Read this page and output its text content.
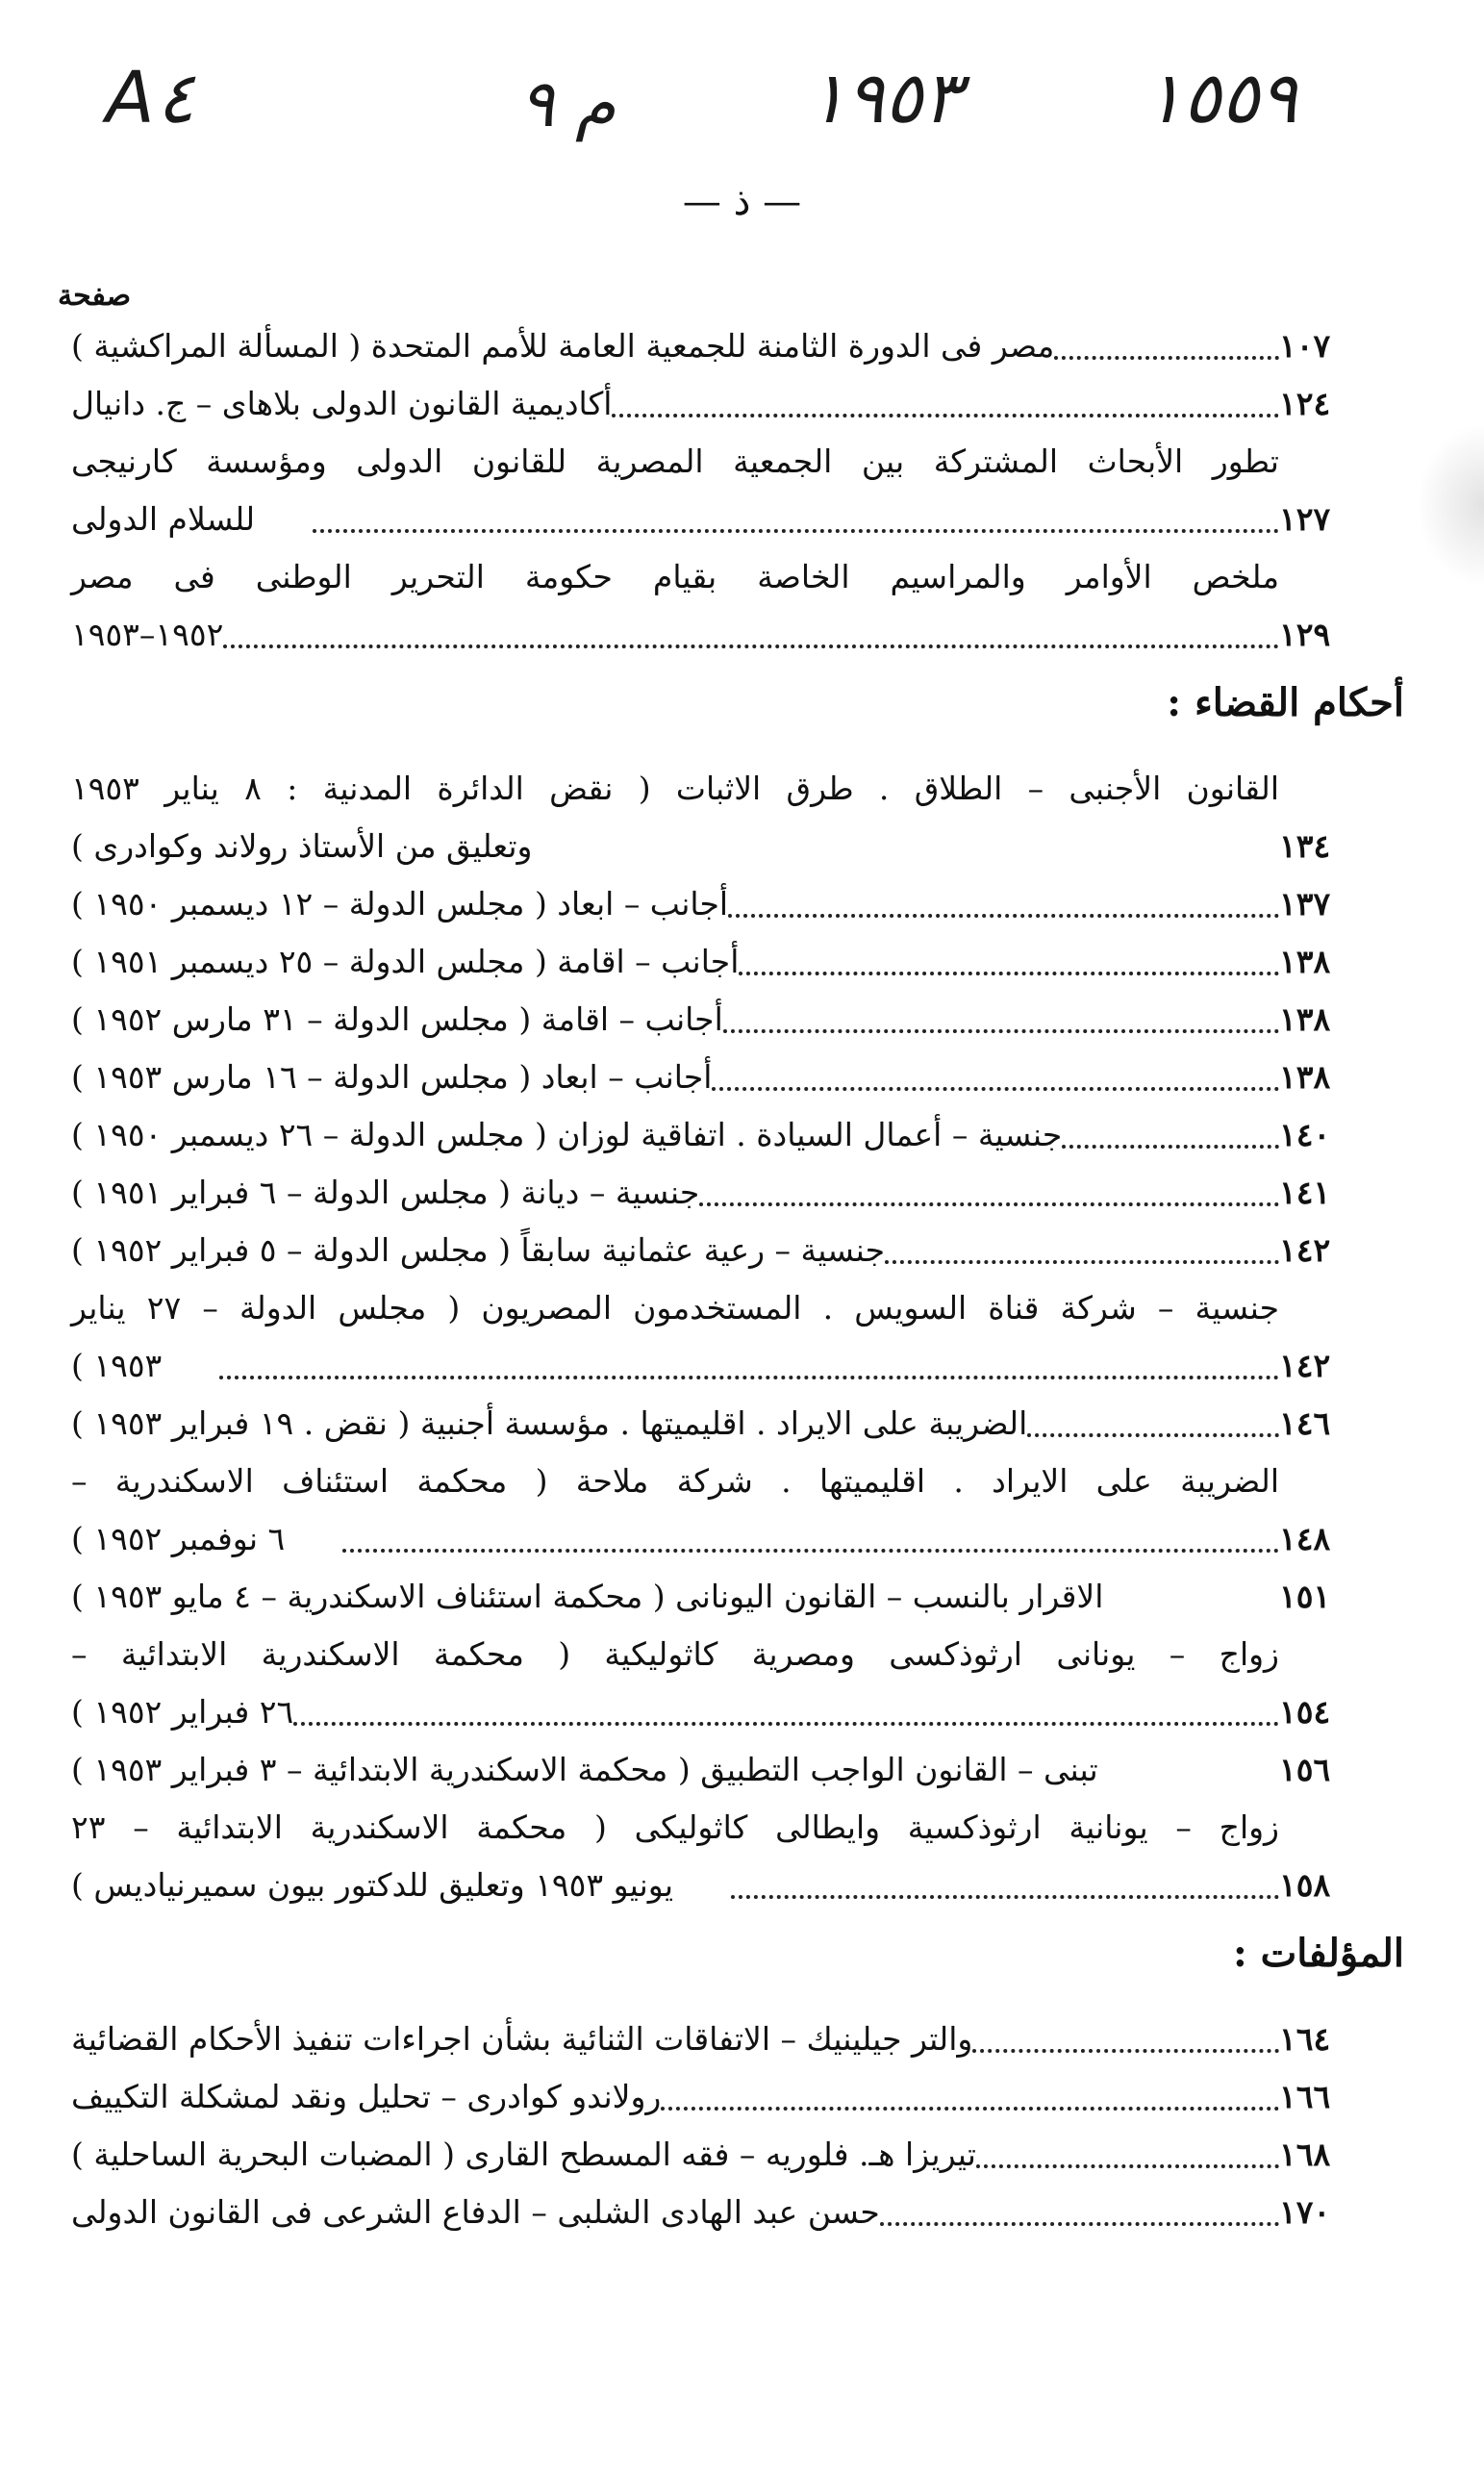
A٤	م ٩	١٩٥٣	١٥٥٩
— ذ —
صفحة
مصر فى الدورة الثامنة للجمعية العامة للأمم المتحدة ( المسألة المراكشية )	١٠٧
أكاديمية القانون الدولى بلاهاى – ج. دانيال	١٢٤
تطور الأبحاث المشتركة بين الجمعية المصرية للقانون الدولى ومؤسسة كارنيجى
للسلام الدولى	١٢٧
ملخص الأوامر والمراسيم الخاصة بقيام حكومة التحرير الوطنى فى مصر
١٩٥٢–١٩٥٣	١٢٩
أحكام القضاء :
القانون الأجنبى – الطلاق . طرق الاثبات ( نقض الدائرة المدنية : ٨ يناير ١٩٥٣
وتعليق من الأستاذ رولاند وكوادرى )	١٣٤
أجانب – ابعاد ( مجلس الدولة – ١٢ ديسمبر ١٩٥٠ )	١٣٧
أجانب – اقامة ( مجلس الدولة – ٢٥ ديسمبر ١٩٥١ )	١٣٨
أجانب – اقامة ( مجلس الدولة – ٣١ مارس ١٩٥٢ )	١٣٨
أجانب – ابعاد ( مجلس الدولة – ١٦ مارس ١٩٥٣ )	١٣٨
جنسية – أعمال السيادة . اتفاقية لوزان ( مجلس الدولة – ٢٦ ديسمبر ١٩٥٠ )	١٤٠
جنسية – ديانة ( مجلس الدولة – ٦ فبراير ١٩٥١ )	١٤١
جنسية – رعية عثمانية سابقاً ( مجلس الدولة – ٥ فبراير ١٩٥٢ )	١٤٢
جنسية – شركة قناة السويس . المستخدمون المصريون ( مجلس الدولة – ٢٧ يناير
١٩٥٣ )	١٤٢
الضريبة على الايراد . اقليميتها . مؤسسة أجنبية ( نقض . ١٩ فبراير ١٩٥٣ )	١٤٦
الضريبة على الايراد . اقليميتها . شركة ملاحة ( محكمة استئناف الاسكندرية –
٦ نوفمبر ١٩٥٢ )	١٤٨
الاقرار بالنسب – القانون اليونانى ( محكمة استئناف الاسكندرية – ٤ مايو ١٩٥٣ )	١٥١
زواج – يونانى ارثوذكسى ومصرية كاثوليكية ( محكمة الاسكندرية الابتدائية –
٢٦ فبراير ١٩٥٢ )	١٥٤
تبنى – القانون الواجب التطبيق ( محكمة الاسكندرية الابتدائية – ٣ فبراير ١٩٥٣ )	١٥٦
زواج – يونانية ارثوذكسية وايطالى كاثوليكى ( محكمة الاسكندرية الابتدائية – ٢٣
يونيو ١٩٥٣ وتعليق للدكتور بيون سميرنياديس )	١٥٨
المؤلفات :
والتر جيلينيك – الاتفاقات الثنائية بشأن اجراءات تنفيذ الأحكام القضائية	١٦٤
رولاندو كوادرى – تحليل ونقد لمشكلة التكييف	١٦٦
تيريزا هـ. فلوريه – فقه المسطح القارى ( المضبات البحرية الساحلية )	١٦٨
حسن عبد الهادى الشلبى – الدفاع الشرعى فى القانون الدولى	١٧٠
